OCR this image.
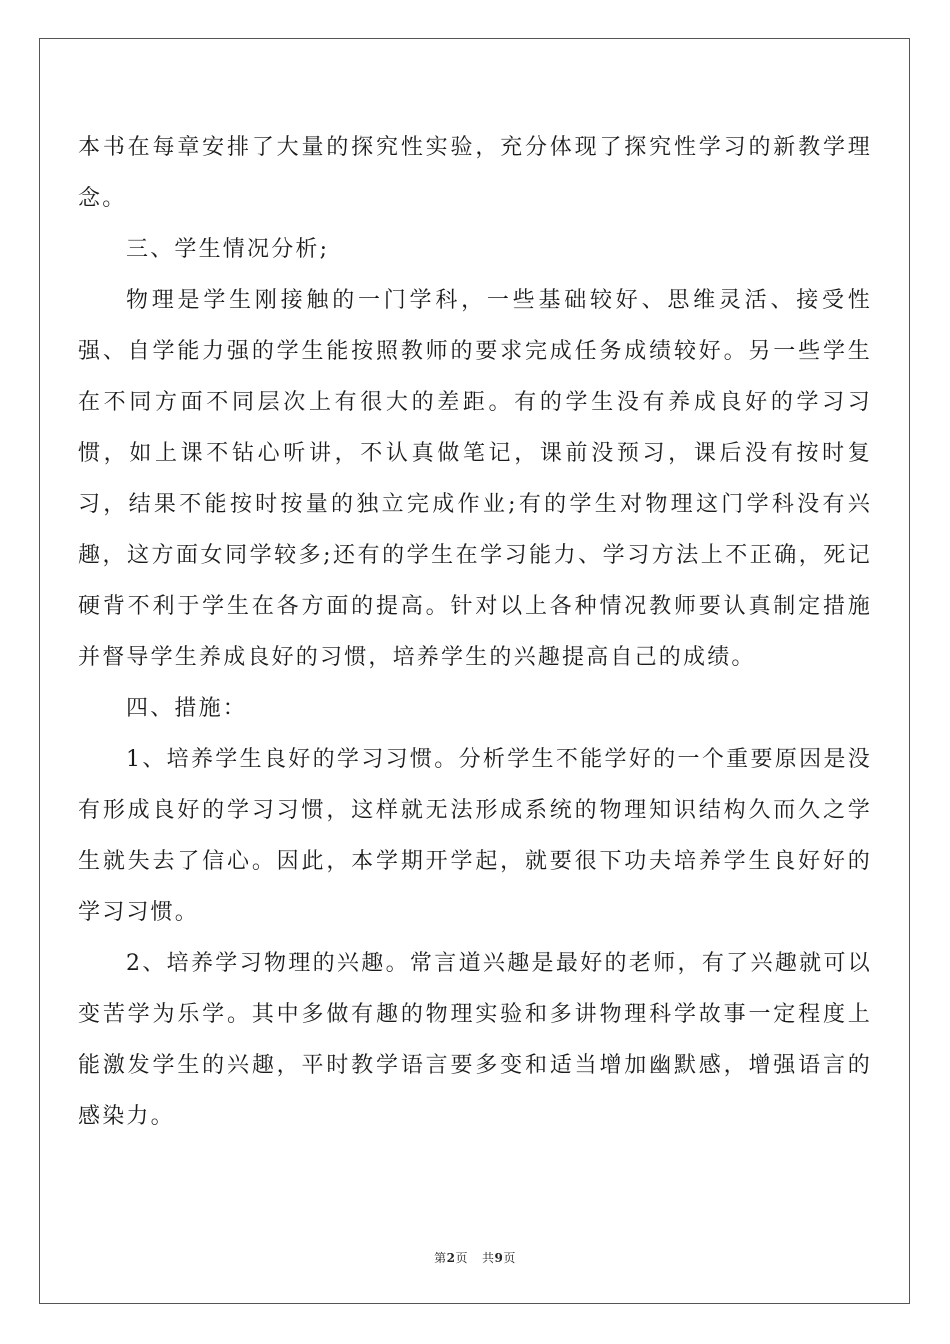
本书在每章安排了大量的探究性实验，充分体现了探究性学习的新教学理念。

三、学生情况分析;

物理是学生刚接触的一门学科，一些基础较好、思维灵活、接受性强、自学能力强的学生能按照教师的要求完成任务成绩较好。另一些学生在不同方面不同层次上有很大的差距。有的学生没有养成良好的学习习惯，如上课不钻心听讲，不认真做笔记，课前没预习，课后没有按时复习，结果不能按时按量的独立完成作业;有的学生对物理这门学科没有兴趣，这方面女同学较多;还有的学生在学习能力、学习方法上不正确，死记硬背不利于学生在各方面的提高。针对以上各种情况教师要认真制定措施并督导学生养成良好的习惯，培养学生的兴趣提高自己的成绩。

四、措施：

1、培养学生良好的学习习惯。分析学生不能学好的一个重要原因是没有形成良好的学习习惯，这样就无法形成系统的物理知识结构久而久之学生就失去了信心。因此，本学期开学起，就要很下功夫培养学生良好好的学习习惯。

2、培养学习物理的兴趣。常言道兴趣是最好的老师，有了兴趣就可以变苦学为乐学。其中多做有趣的物理实验和多讲物理科学故事一定程度上能激发学生的兴趣，平时教学语言要多变和适当增加幽默感，增强语言的感染力。

第2页 共9页
